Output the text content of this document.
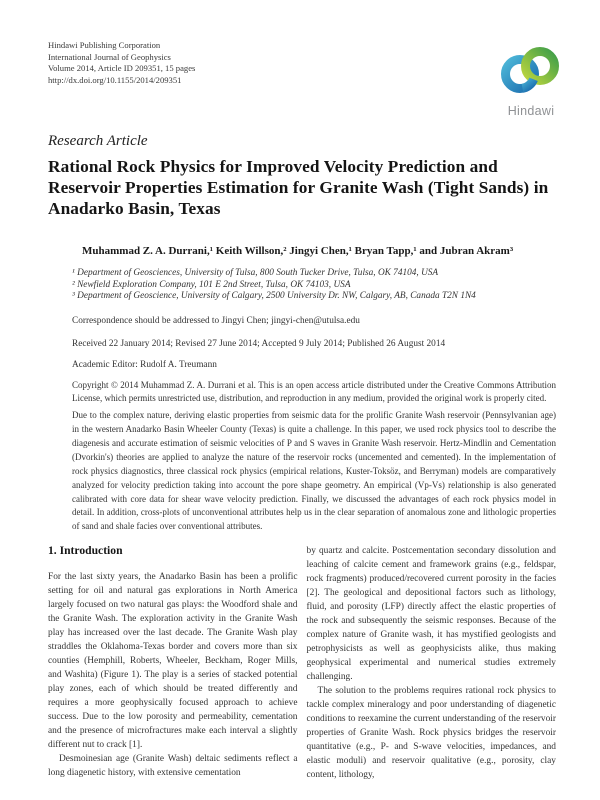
Hindawi Publishing Corporation
International Journal of Geophysics
Volume 2014, Article ID 209351, 15 pages
http://dx.doi.org/10.1155/2014/209351
Hindawi
Research Article
Rational Rock Physics for Improved Velocity Prediction and Reservoir Properties Estimation for Granite Wash (Tight Sands) in Anadarko Basin, Texas
Muhammad Z. A. Durrani,¹ Keith Willson,² Jingyi Chen,¹ Bryan Tapp,¹ and Jubran Akram³
¹ Department of Geosciences, University of Tulsa, 800 South Tucker Drive, Tulsa, OK 74104, USA
² Newfield Exploration Company, 101 E 2nd Street, Tulsa, OK 74103, USA
³ Department of Geoscience, University of Calgary, 2500 University Dr. NW, Calgary, AB, Canada T2N 1N4
Correspondence should be addressed to Jingyi Chen; jingyi-chen@utulsa.edu
Received 22 January 2014; Revised 27 June 2014; Accepted 9 July 2014; Published 26 August 2014
Academic Editor: Rudolf A. Treumann
Copyright © 2014 Muhammad Z. A. Durrani et al. This is an open access article distributed under the Creative Commons Attribution License, which permits unrestricted use, distribution, and reproduction in any medium, provided the original work is properly cited.
Due to the complex nature, deriving elastic properties from seismic data for the prolific Granite Wash reservoir (Pennsylvanian age) in the western Anadarko Basin Wheeler County (Texas) is quite a challenge. In this paper, we used rock physics tool to describe the diagenesis and accurate estimation of seismic velocities of P and S waves in Granite Wash reservoir. Hertz-Mindlin and Cementation (Dvorkin's) theories are applied to analyze the nature of the reservoir rocks (uncemented and cemented). In the implementation of rock physics diagnostics, three classical rock physics (empirical relations, Kuster-Toksöz, and Berryman) models are comparatively analyzed for velocity prediction taking into account the pore shape geometry. An empirical (Vp-Vs) relationship is also generated calibrated with core data for shear wave velocity prediction. Finally, we discussed the advantages of each rock physics model in detail. In addition, cross-plots of unconventional attributes help us in the clear separation of anomalous zone and lithologic properties of sand and shale facies over conventional attributes.
1. Introduction

For the last sixty years, the Anadarko Basin has been a prolific setting for oil and natural gas explorations in North America largely focused on two natural gas plays: the Woodford shale and the Granite Wash. The exploration activity in the Granite Wash play has increased over the last decade. The Granite Wash play straddles the Oklahoma-Texas border and covers more than six counties (Hemphill, Roberts, Wheeler, Beckham, Roger Mills, and Washita) (Figure 1). The play is a series of stacked potential play zones, each of which should be treated differently and requires a more geophysically focused approach to achieve success. Due to the low porosity and permeability, cementation and the presence of microfractures make each interval a slightly different nut to crack [1].

Desmoinesian age (Granite Wash) deltaic sediments reflect a long diagenetic history, with extensive cementation

by quartz and calcite. Postcementation secondary dissolution and leaching of calcite cement and framework grains (e.g., feldspar, rock fragments) produced/recovered current porosity in the facies [2]. The geological and depositional factors such as lithology, fluid, and porosity (LFP) directly affect the elastic properties of the rock and subsequently the seismic responses. Because of the complex nature of Granite wash, it has mystified geologists and petrophysicists as well as geophysicists alike, thus making geophysical experimental and numerical studies extremely challenging.

The solution to the problems requires rational rock physics to tackle complex mineralogy and poor understanding of diagenetic conditions to reexamine the current understanding of the reservoir properties of Granite Wash. Rock physics bridges the reservoir quantitative (e.g., P- and S-wave velocities, impedances, and elastic moduli) and reservoir qualitative (e.g., porosity, clay content, lithology,
